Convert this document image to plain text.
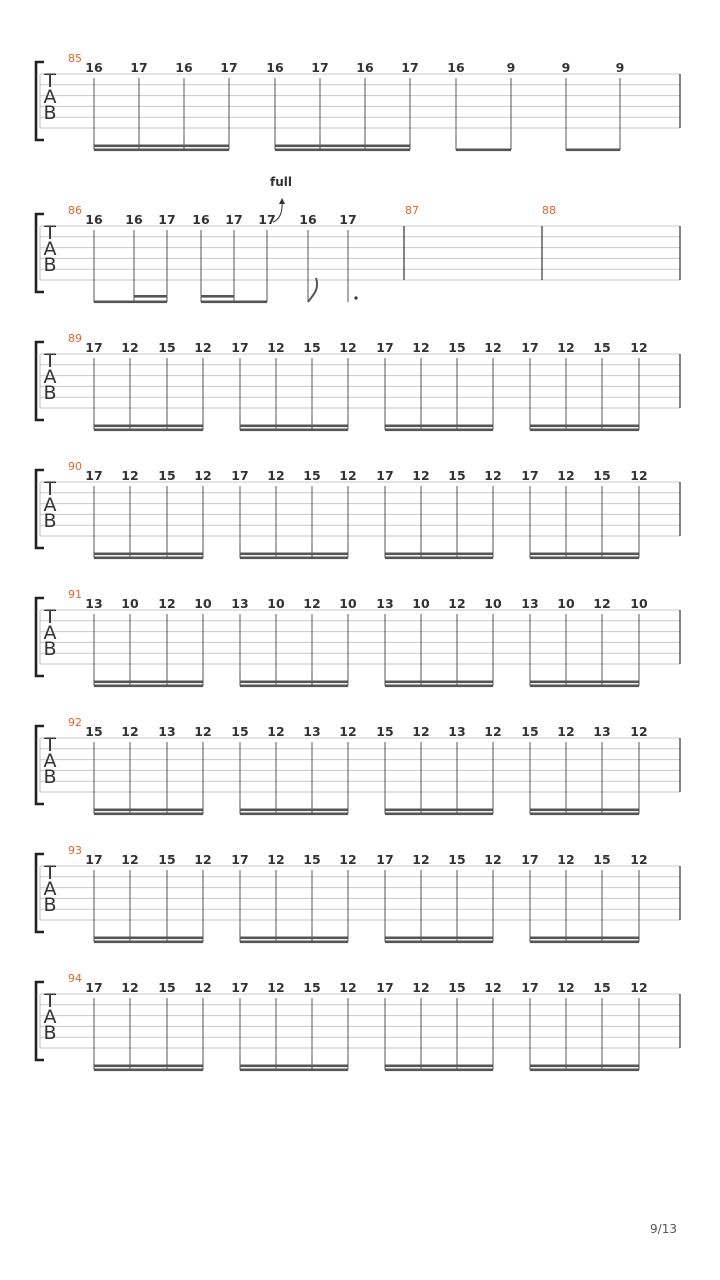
T
A
B
85
16 17 16 17 16 17 16 17 16	9	9	9
T
A
B
86
16 16 17 16 17 17
full
16 17
87	88
T
A
B
89
17 12 15 12 17 12 15 12 17 12 15 12 17 12 15 12
T
A
B
90
17 12 15 12 17 12 15 12 17 12 15 12 17 12 15 12
T
A
B
91
13 10 12 10 13 10 12 10 13 10 12 10 13 10 12 10
T
A
B
92
15 12 13 12 15 12 13 12 15 12 13 12 15 12 13 12
T
A
B
93
17 12 15 12 17 12 15 12 17 12 15 12 17 12 15 12
T
A
B
94
17 12 15 12 17 12 15 12 17 12 15 12 17 12 15 12
9/13
